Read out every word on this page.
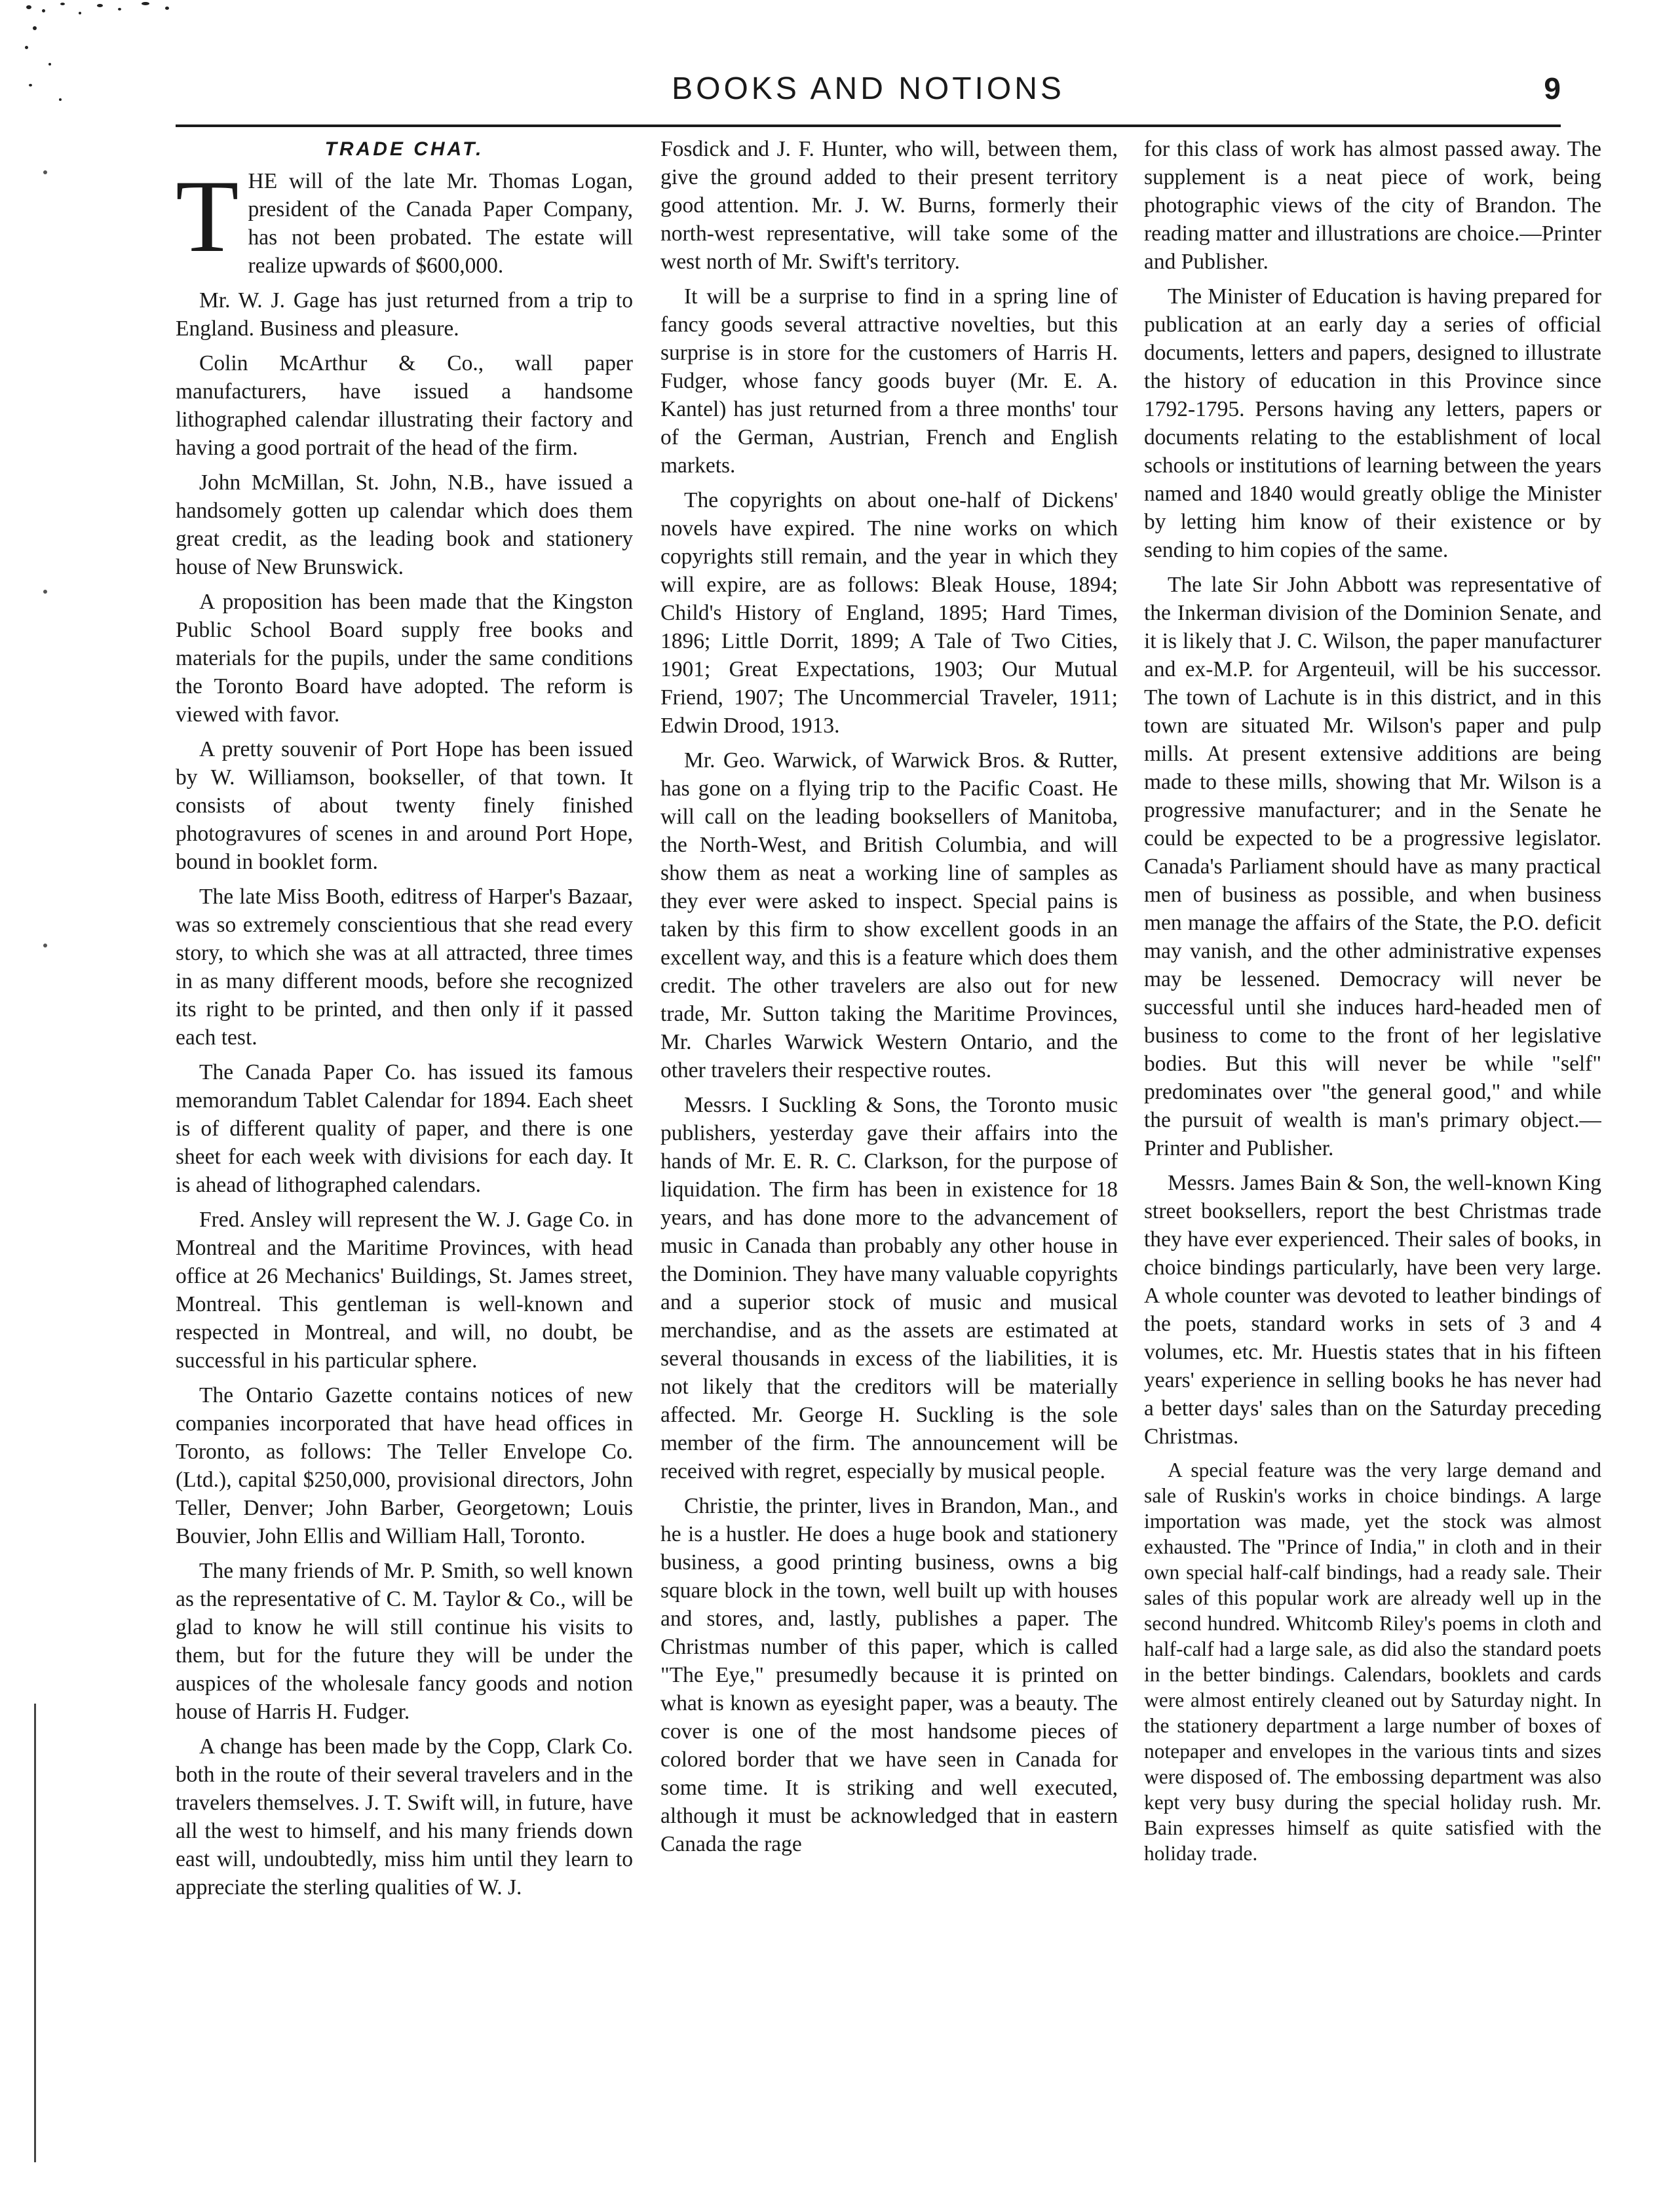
BOOKS AND NOTIONS	9
TRADE CHAT.

THE will of the late Mr. Thomas Logan, president of the Canada Paper Company, has not been probated. The estate will realize upwards of $600,000.

Mr. W. J. Gage has just returned from a trip to England. Business and pleasure.

Colin McArthur & Co., wall paper manufacturers, have issued a handsome lithographed calendar illustrating their factory and having a good portrait of the head of the firm.

John McMillan, St. John, N.B., have issued a handsomely gotten up calendar which does them great credit, as the leading book and stationery house of New Brunswick.

A proposition has been made that the Kingston Public School Board supply free books and materials for the pupils, under the same conditions the Toronto Board have adopted. The reform is viewed with favor.

A pretty souvenir of Port Hope has been issued by W. Williamson, bookseller, of that town. It consists of about twenty finely finished photogravures of scenes in and around Port Hope, bound in booklet form.

The late Miss Booth, editress of Harper's Bazaar, was so extremely conscientious that she read every story, to which she was at all attracted, three times in as many different moods, before she recognized its right to be printed, and then only if it passed each test.

The Canada Paper Co. has issued its famous memorandum Tablet Calendar for 1894. Each sheet is of different quality of paper, and there is one sheet for each week with divisions for each day. It is ahead of lithographed calendars.

Fred. Ansley will represent the W. J. Gage Co. in Montreal and the Maritime Provinces, with head office at 26 Mechanics' Buildings, St. James street, Montreal. This gentleman is well-known and respected in Montreal, and will, no doubt, be successful in his particular sphere.

The Ontario Gazette contains notices of new companies incorporated that have head offices in Toronto, as follows: The Teller Envelope Co. (Ltd.), capital $250,000, provisional directors, John Teller, Denver; John Barber, Georgetown; Louis Bouvier, John Ellis and William Hall, Toronto.

The many friends of Mr. P. Smith, so well known as the representative of C. M. Taylor & Co., will be glad to know he will still continue his visits to them, but for the future they will be under the auspices of the wholesale fancy goods and notion house of Harris H. Fudger.

A change has been made by the Copp, Clark Co. both in the route of their several travelers and in the travelers themselves. J. T. Swift will, in future, have all the west to himself, and his many friends down east will, undoubtedly, miss him until they learn to appreciate the sterling qualities of W. J.

Fosdick and J. F. Hunter, who will, between them, give the ground added to their present territory good attention. Mr. J. W. Burns, formerly their north-west representative, will take some of the west north of Mr. Swift's territory.

It will be a surprise to find in a spring line of fancy goods several attractive novelties, but this surprise is in store for the customers of Harris H. Fudger, whose fancy goods buyer (Mr. E. A. Kantel) has just returned from a three months' tour of the German, Austrian, French and English markets.

The copyrights on about one-half of Dickens' novels have expired. The nine works on which copyrights still remain, and the year in which they will expire, are as follows: Bleak House, 1894; Child's History of England, 1895; Hard Times, 1896; Little Dorrit, 1899; A Tale of Two Cities, 1901; Great Expectations, 1903; Our Mutual Friend, 1907; The Uncommercial Traveler, 1911; Edwin Drood, 1913.

Mr. Geo. Warwick, of Warwick Bros. & Rutter, has gone on a flying trip to the Pacific Coast. He will call on the leading booksellers of Manitoba, the North-West, and British Columbia, and will show them as neat a working line of samples as they ever were asked to inspect. Special pains is taken by this firm to show excellent goods in an excellent way, and this is a feature which does them credit. The other travelers are also out for new trade, Mr. Sutton taking the Maritime Provinces, Mr. Charles Warwick Western Ontario, and the other travelers their respective routes.

Messrs. I Suckling & Sons, the Toronto music publishers, yesterday gave their affairs into the hands of Mr. E. R. C. Clarkson, for the purpose of liquidation. The firm has been in existence for 18 years, and has done more to the advancement of music in Canada than probably any other house in the Dominion. They have many valuable copyrights and a superior stock of music and musical merchandise, and as the assets are estimated at several thousands in excess of the liabilities, it is not likely that the creditors will be materially affected. Mr. George H. Suckling is the sole member of the firm. The announcement will be received with regret, especially by musical people.

Christie, the printer, lives in Brandon, Man., and he is a hustler. He does a huge book and stationery business, a good printing business, owns a big square block in the town, well built up with houses and stores, and, lastly, publishes a paper. The Christmas number of this paper, which is called "The Eye," presumedly because it is printed on what is known as eyesight paper, was a beauty. The cover is one of the most handsome pieces of colored border that we have seen in Canada for some time. It is striking and well executed, although it must be acknowledged that in eastern Canada the rage

for this class of work has almost passed away. The supplement is a neat piece of work, being photographic views of the city of Brandon. The reading matter and illustrations are choice.—Printer and Publisher.

The Minister of Education is having prepared for publication at an early day a series of official documents, letters and papers, designed to illustrate the history of education in this Province since 1792-1795. Persons having any letters, papers or documents relating to the establishment of local schools or institutions of learning between the years named and 1840 would greatly oblige the Minister by letting him know of their existence or by sending to him copies of the same.

The late Sir John Abbott was representative of the Inkerman division of the Dominion Senate, and it is likely that J. C. Wilson, the paper manufacturer and ex-M.P. for Argenteuil, will be his successor. The town of Lachute is in this district, and in this town are situated Mr. Wilson's paper and pulp mills. At present extensive additions are being made to these mills, showing that Mr. Wilson is a progressive manufacturer; and in the Senate he could be expected to be a progressive legislator. Canada's Parliament should have as many practical men of business as possible, and when business men manage the affairs of the State, the P.O. deficit may vanish, and the other administrative expenses may be lessened. Democracy will never be successful until she induces hard-headed men of business to come to the front of her legislative bodies. But this will never be while "self" predominates over "the general good," and while the pursuit of wealth is man's primary object.—Printer and Publisher.

Messrs. James Bain & Son, the well-known King street booksellers, report the best Christmas trade they have ever experienced. Their sales of books, in choice bindings particularly, have been very large. A whole counter was devoted to leather bindings of the poets, standard works in sets of 3 and 4 volumes, etc. Mr. Huestis states that in his fifteen years' experience in selling books he has never had a better days' sales than on the Saturday preceding Christmas.

A special feature was the very large demand and sale of Ruskin's works in choice bindings. A large importation was made, yet the stock was almost exhausted. The "Prince of India," in cloth and in their own special half-calf bindings, had a ready sale. Their sales of this popular work are already well up in the second hundred. Whitcomb Riley's poems in cloth and half-calf had a large sale, as did also the standard poets in the better bindings. Calendars, booklets and cards were almost entirely cleaned out by Saturday night. In the stationery department a large number of boxes of notepaper and envelopes in the various tints and sizes were disposed of. The embossing department was also kept very busy during the special holiday rush. Mr. Bain expresses himself as quite satisfied with the holiday trade.
